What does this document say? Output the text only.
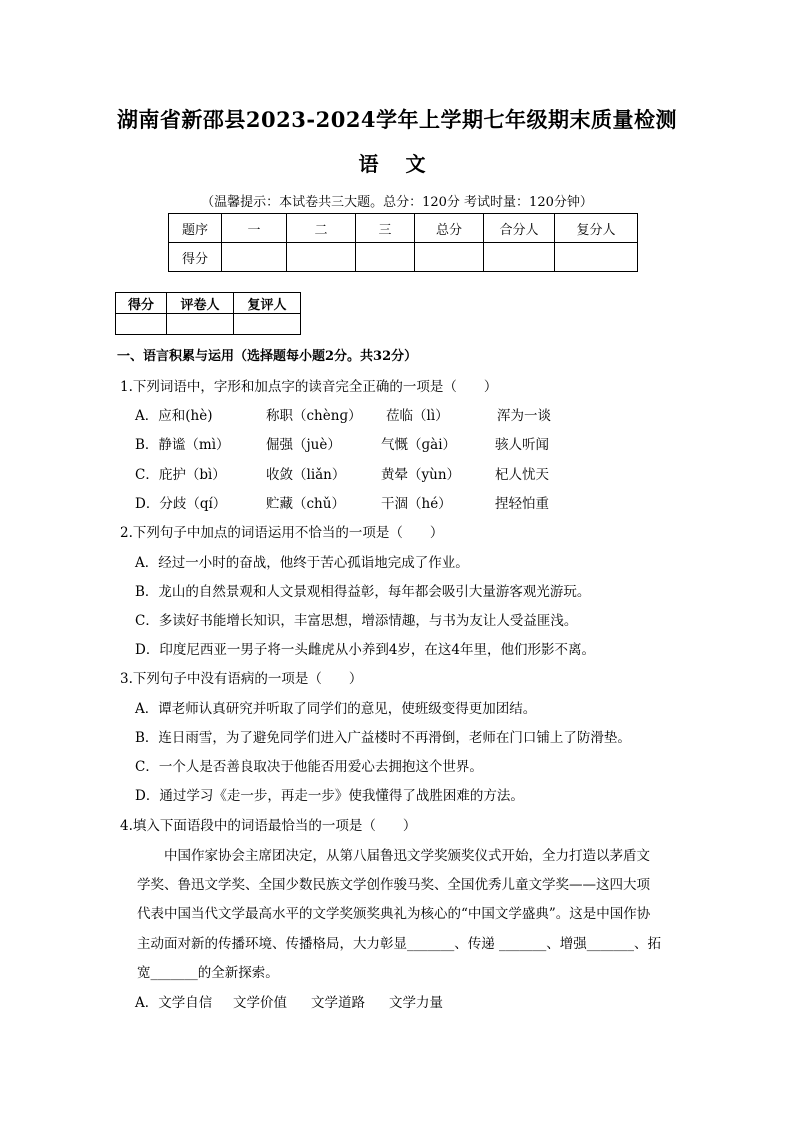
湖南省新邵县2023-2024学年上学期七年级期末质量检测
语 文
（温馨提示：本试卷共三大题。总分：120分 考试时量：120分钟）
题序	一	二	三	总分	合分人	复分人
得分						
得分	评卷人	复评人

一、语言积累与运用（选择题每小题2分。共32分）
1.下列词语中，字形和加点字的读音完全正确的一项是（　　）
A．应和(hè)	称职（chènɡ） 莅临（lì）	浑为一谈
B．静谧（mì）	倔强（juè）	气慨（ɡài）	骇人听闻
C．庇护（bì）	收敛（liǎn）	黄晕（yùn）	杞人忧天
D．分歧（qí）	贮藏（chǔ）	干涸（hé）	捏轻怕重
2.下列句子中加点的词语运用不恰当的一项是（　　）
A．经过一小时的奋战，他终于苦心孤诣地完成了作业。
B．龙山的自然景观和人文景观相得益彰，每年都会吸引大量游客观光游玩。
C．多读好书能增长知识，丰富思想，增添情趣，与书为友让人受益匪浅。
D．印度尼西亚一男子将一头雌虎从小养到4岁，在这4年里，他们形影不离。
3.下列句子中没有语病的一项是（　　）
A．谭老师认真研究并听取了同学们的意见，使班级变得更加团结。
B．连日雨雪，为了避免同学们进入广益楼时不再滑倒，老师在门口铺上了防滑垫。
C．一个人是否善良取决于他能否用爱心去拥抱这个世界。
D．通过学习《走一步，再走一步》使我懂得了战胜困难的方法。
4.填入下面语段中的词语最恰当的一项是（　　）
中国作家协会主席团决定，从第八届鲁迅文学奖颁奖仪式开始，全力打造以茅盾文
学奖、鲁迅文学奖、全国少数民族文学创作骏马奖、全国优秀儿童文学奖——这四大项
代表中国当代文学最高水平的文学奖颁奖典礼为核心的“中国文学盛典”。这是中国作协
主动面对新的传播环境、传播格局，大力彰显_______、传递 _______、增强_______、拓
宽_______的全新探索。
A．文学自信 文学价值 文学道路 文学力量
